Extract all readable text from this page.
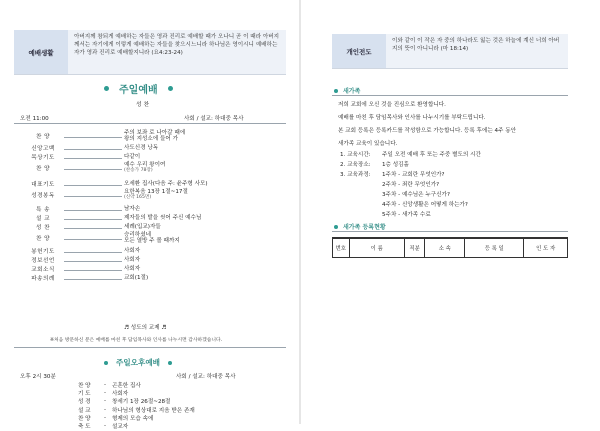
예배생활
아버지께 참되게 예배하는 자들은 영과 진리로 예배할 때가 오나니 곧 이 때라 아버지께서는 자기에게 이렇게 예배하는 자들을 찾으시느니라 하나님은 영이시니 예배하는 자가 영과 진리로 예배할지니라 (요4:23-24)
주일예배
성 찬
오전 11:00	사회 / 설교: 하대중 목사
찬 양
주의 보좌 로 나아갈 때에
왕의 지성소에 들어 가
신앙고백	사도신경 낭독
목상기도	다같이
찬 양
예수 우리 왕이여
(찬송가 78장)
대표기도	오세환 집사(다음 주: 윤주형 사모)
성경봉독
요한복음 13장 1절~17절
(신약 165면)
특 송	남자손
설 교	제자들의 발을 씻어 주신 예수님
성 찬	세례(입교)자들
찬 양
승리하셨네
모든 열방 주 볼 때까지
봉헌기도	사회자
정보선언	사회자
교회소식	사회자
파송의례	교회(1절)
♬ 성도의 교제 ♬
※처음 방문하신 분은 예배를 마친 후 담임목사와 인사를 나누시면 감사하겠습니다.
주일오후예배
오후 2시 30분	사회 / 설교: 하대중 목사
찬 양 - 곤혼한 집사
기 도 - 사회자
성 경 - 창세기 1장 26절~28절
설 교 - 하나님의 형상대로 지음 받은 존재
찬 양 - 형제의 모습 속에
축 도 - 설교자
개인전도
이와 같이 이 작은 자 중의 하나라도 잃는 것은 하늘에 계신 너희 아버지의 뜻이 아니니라 (마 18:14)
새가족
저희 교회에 오신 것을 진심으로 환영합니다.
예배를 마친 후 담임목사와 인사를 나누시기를 부탁드립니다.
본 교회 등록은 등록카드를 작성함으로 가능합니다. 등록 후에는 4주 동안
새가족 교육이 있습니다.
1. 교육시간: 주일 오전 예배 후 또는 주중 별도의 시간
2. 교육장소: 1층 성김홀
3. 교육과정: 1주차 - 교회란 무엇인가?
2주차 - 죄란 무엇인가?
3주차 - 예수님은 누구신가?
4주차 - 신앙생활은 어떻게 하는가?
5주차 - 새가족 수료
새가족 등록현황
번호	이 름	직분	소 속	등 록 일	인 도 자
